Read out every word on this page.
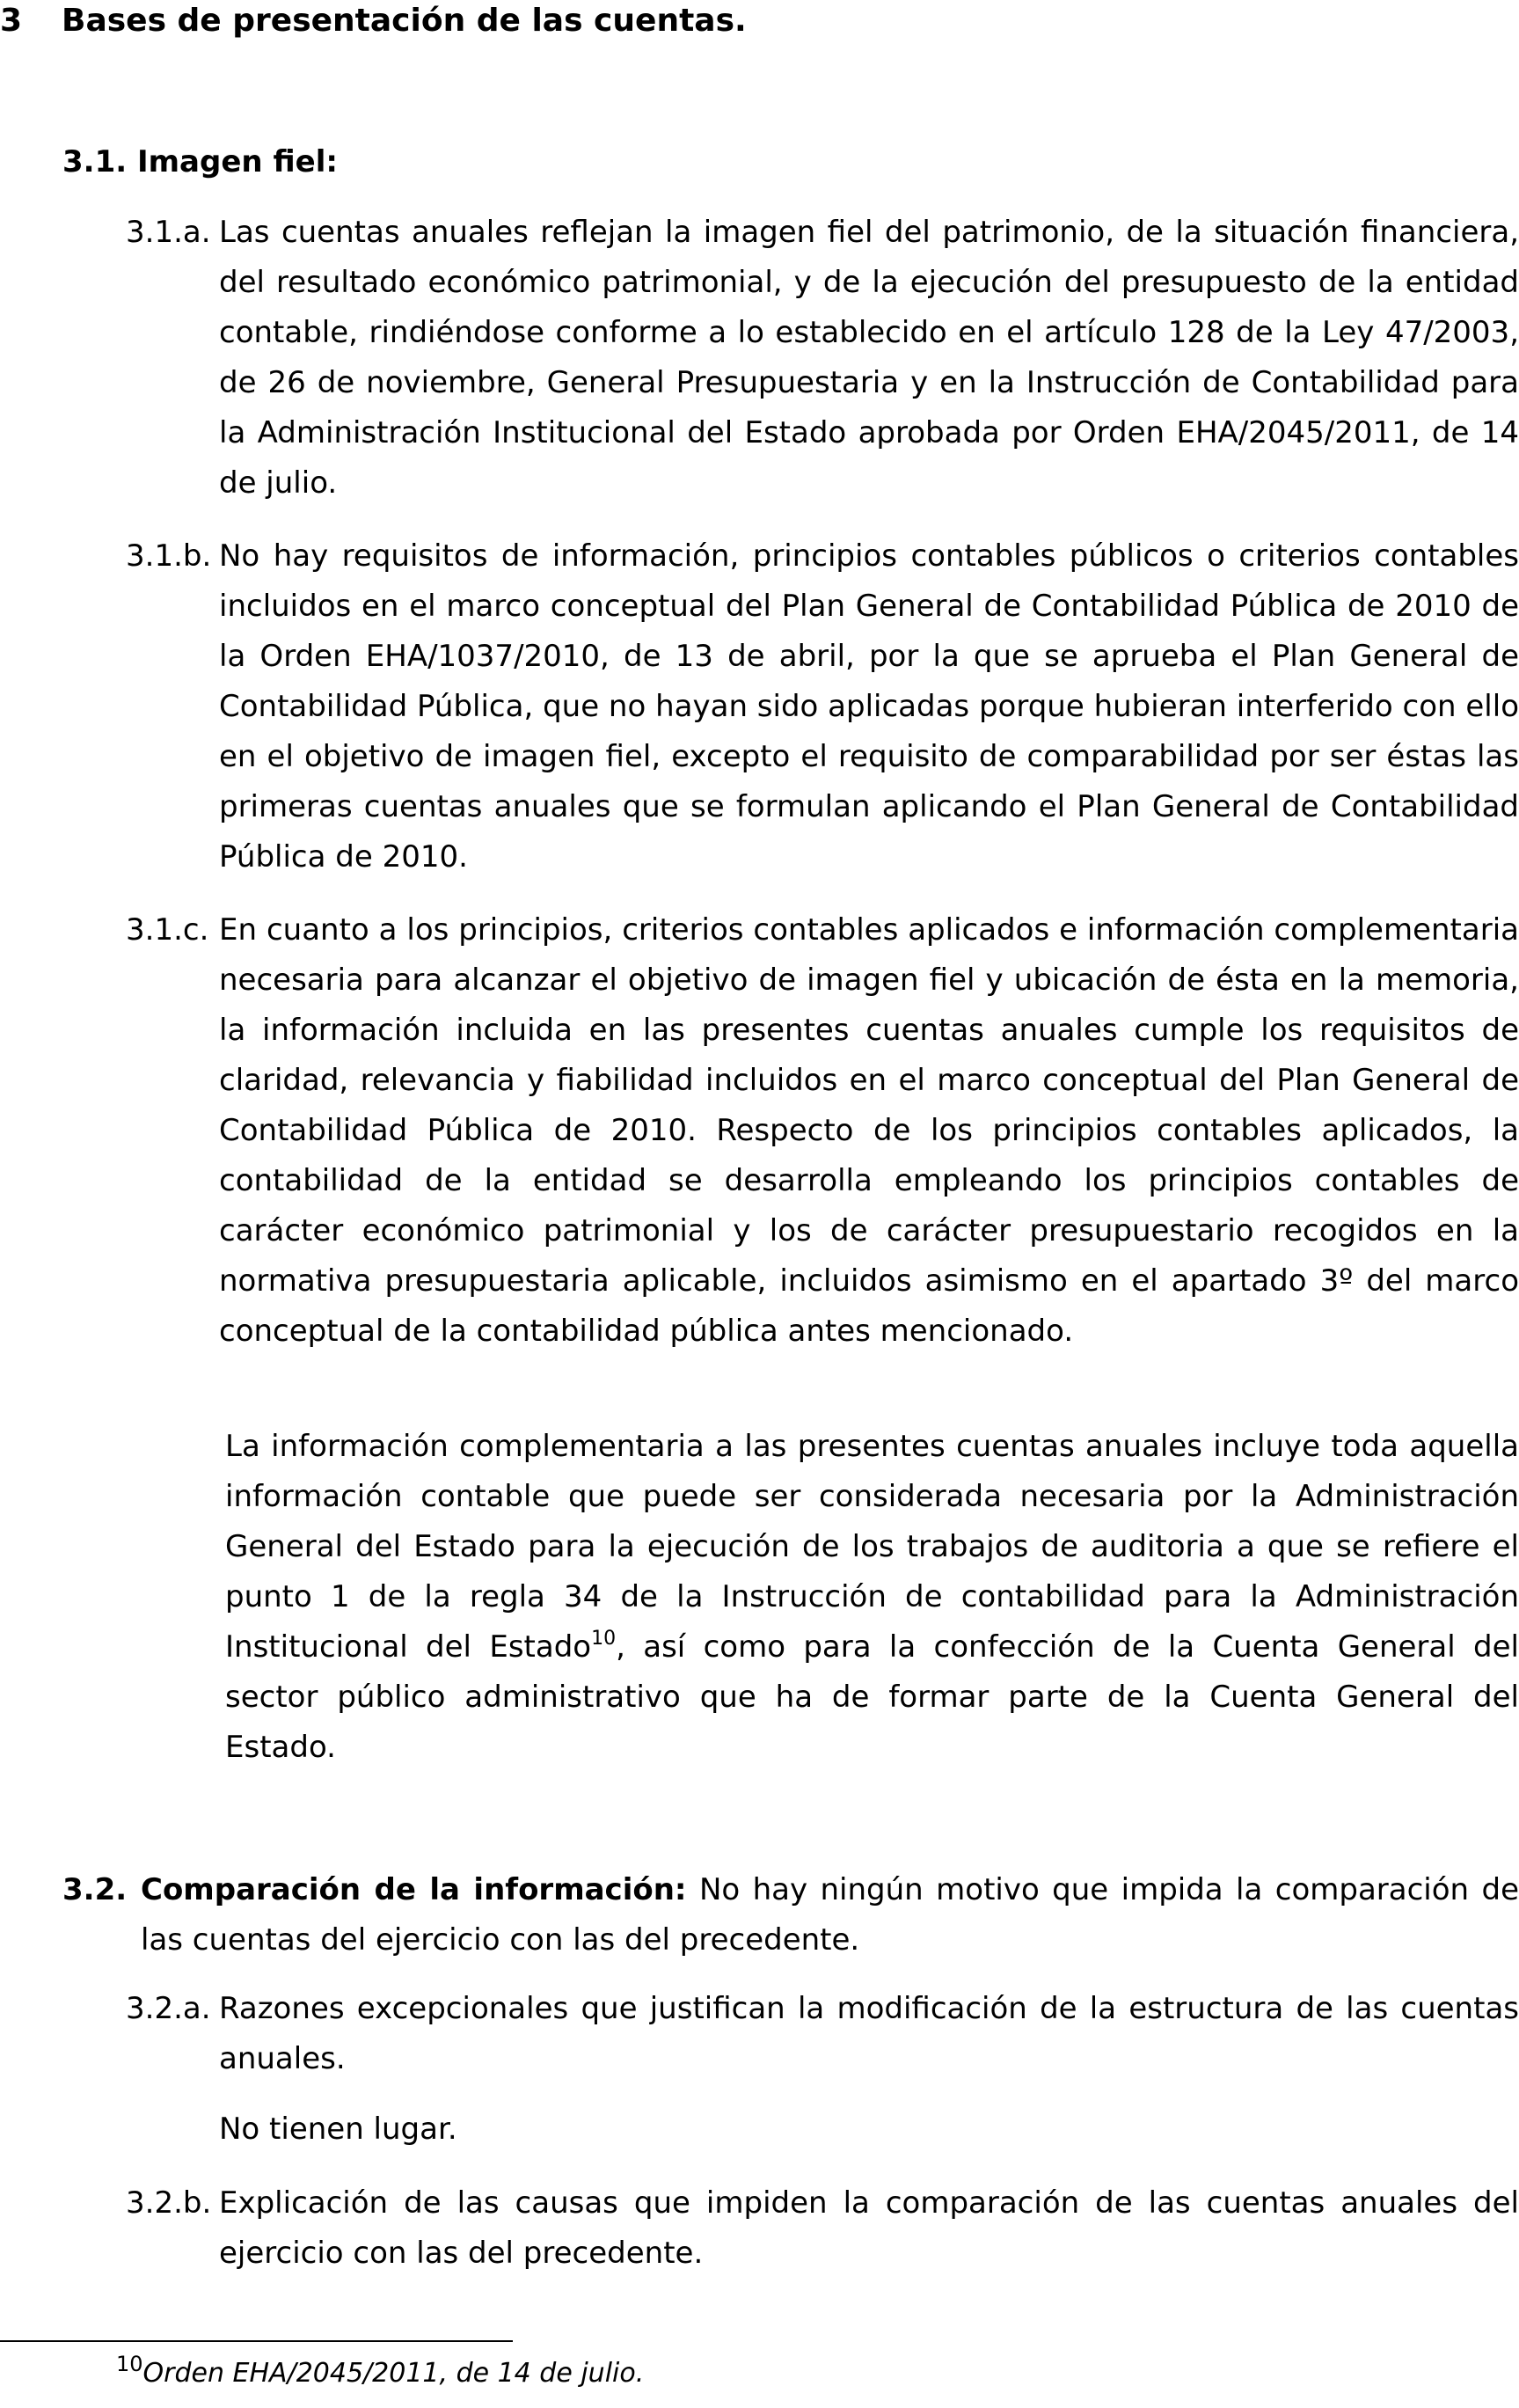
3 Bases de presentación de las cuentas.
3.1. Imagen fiel:
3.1.a. Las cuentas anuales reflejan la imagen fiel del patrimonio, de la situación financiera, del resultado económico patrimonial, y de la ejecución del presupuesto de la entidad contable, rindiéndose conforme a lo establecido en el artículo 128 de la Ley 47/2003, de 26 de noviembre, General Presupuestaria y en la Instrucción de Contabilidad para la Administración Institucional del Estado aprobada por Orden EHA/2045/2011, de 14 de julio.
3.1.b. No hay requisitos de información, principios contables públicos o criterios contables incluidos en el marco conceptual del Plan General de Contabilidad Pública de 2010 de la Orden EHA/1037/2010, de 13 de abril, por la que se aprueba el Plan General de Contabilidad Pública, que no hayan sido aplicadas porque hubieran interferido con ello en el objetivo de imagen fiel, excepto el requisito de comparabilidad por ser éstas las primeras cuentas anuales que se formulan aplicando el Plan General de Contabilidad Pública de 2010.
3.1.c. En cuanto a los principios, criterios contables aplicados e información complementaria necesaria para alcanzar el objetivo de imagen fiel y ubicación de ésta en la memoria, la información incluida en las presentes cuentas anuales cumple los requisitos de claridad, relevancia y fiabilidad incluidos en el marco conceptual del Plan General de Contabilidad Pública de 2010. Respecto de los principios contables aplicados, la contabilidad de la entidad se desarrolla empleando los principios contables de carácter económico patrimonial y los de carácter presupuestario recogidos en la normativa presupuestaria aplicable, incluidos asimismo en el apartado 3º del marco conceptual de la contabilidad pública antes mencionado.
La información complementaria a las presentes cuentas anuales incluye toda aquella información contable que puede ser considerada necesaria por la Administración General del Estado para la ejecución de los trabajos de auditoria a que se refiere el punto 1 de la regla 34 de la Instrucción de contabilidad para la Administración Institucional del Estado$^{10}$, así como para la confección de la Cuenta General del sector público administrativo que ha de formar parte de la Cuenta General del Estado.
3.2. Comparación de la información: No hay ningún motivo que impida la comparación de las cuentas del ejercicio con las del precedente.
3.2.a. Razones excepcionales que justifican la modificación de la estructura de las cuentas anuales.
No tienen lugar.
3.2.b. Explicación de las causas que impiden la comparación de las cuentas anuales del ejercicio con las del precedente.
$^{10}$Orden EHA/2045/2011, de 14 de julio.
